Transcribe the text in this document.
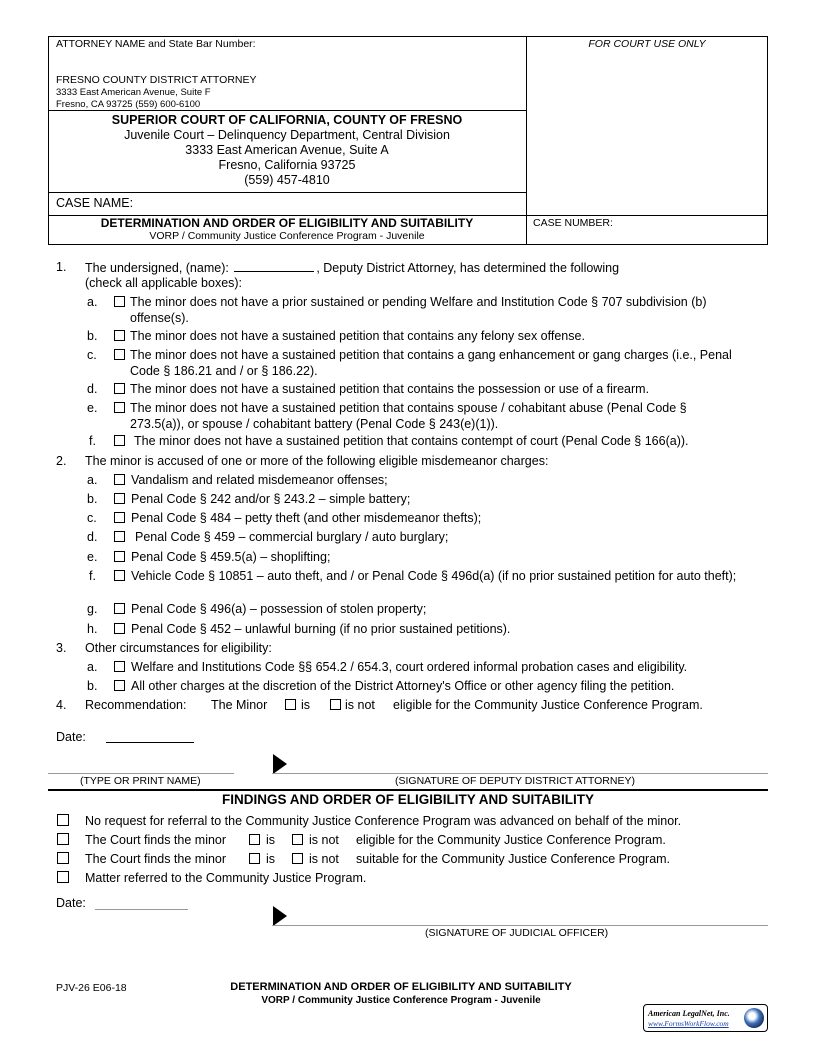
ATTORNEY NAME and State Bar Number:
FRESNO COUNTY DISTRICT ATTORNEY
3333 East American Avenue, Suite F
Fresno, CA 93725 (559) 600-6100
FOR COURT USE ONLY
SUPERIOR COURT OF CALIFORNIA, COUNTY OF FRESNO
Juvenile Court – Delinquency Department, Central Division
3333 East American Avenue, Suite A
Fresno, California 93725
(559) 457-4810
CASE NAME:
DETERMINATION AND ORDER OF ELIGIBILITY AND SUITABILITY
VORP / Community Justice Conference Program - Juvenile
CASE NUMBER:
1. The undersigned, (name):	, Deputy District Attorney, has determined the following
(check all applicable boxes):
a.	The minor does not have a prior sustained or pending Welfare and Institution Code § 707 subdivision (b) offense(s).
b.	The minor does not have a sustained petition that contains any felony sex offense.
c.	The minor does not have a sustained petition that contains a gang enhancement or gang charges (i.e., Penal Code § 186.21 and / or § 186.22).
d.	The minor does not have a sustained petition that contains the possession or use of a firearm.
e.	The minor does not have a sustained petition that contains spouse / cohabitant abuse (Penal Code § 273.5(a)), or spouse / cohabitant battery (Penal Code § 243(e)(1)).
f.	The minor does not have a sustained petition that contains contempt of court (Penal Code § 166(a)).
2. The minor is accused of one or more of the following eligible misdemeanor charges:
a.	Vandalism and related misdemeanor offenses;
b.	Penal Code § 242 and/or § 243.2 – simple battery;
c.	Penal Code § 484 – petty theft (and other misdemeanor thefts);
d.	Penal Code § 459 – commercial burglary / auto burglary;
e.	Penal Code § 459.5(a) – shoplifting;
f.	Vehicle Code § 10851 – auto theft, and / or Penal Code § 496d(a) (if no prior sustained petition for auto theft);
g.	Penal Code § 496(a) – possession of stolen property;
h.	Penal Code § 452 – unlawful burning (if no prior sustained petitions).
3. Other circumstances for eligibility:
a.	Welfare and Institutions Code §§ 654.2 / 654.3, court ordered informal probation cases and eligibility.
b.	All other charges at the discretion of the District Attorney's Office or other agency filing the petition.
4. Recommendation: The Minor	is	is not eligible for the Community Justice Conference Program.
Date:
(TYPE OR PRINT NAME)	(SIGNATURE OF DEPUTY DISTRICT ATTORNEY)
FINDINGS AND ORDER OF ELIGIBILITY AND SUITABILITY
No request for referral to the Community Justice Conference Program was advanced on behalf of the minor.
The Court finds the minor	is	is not eligible for the Community Justice Conference Program.
The Court finds the minor	is	is not suitable for the Community Justice Conference Program.
Matter referred to the Community Justice Program.
Date:
(SIGNATURE OF JUDICIAL OFFICER)
PJV-26 E06-18	DETERMINATION AND ORDER OF ELIGIBILITY AND SUITABILITY
VORP / Community Justice Conference Program - Juvenile
American LegalNet, Inc.
www.FormsWorkFlow.com
